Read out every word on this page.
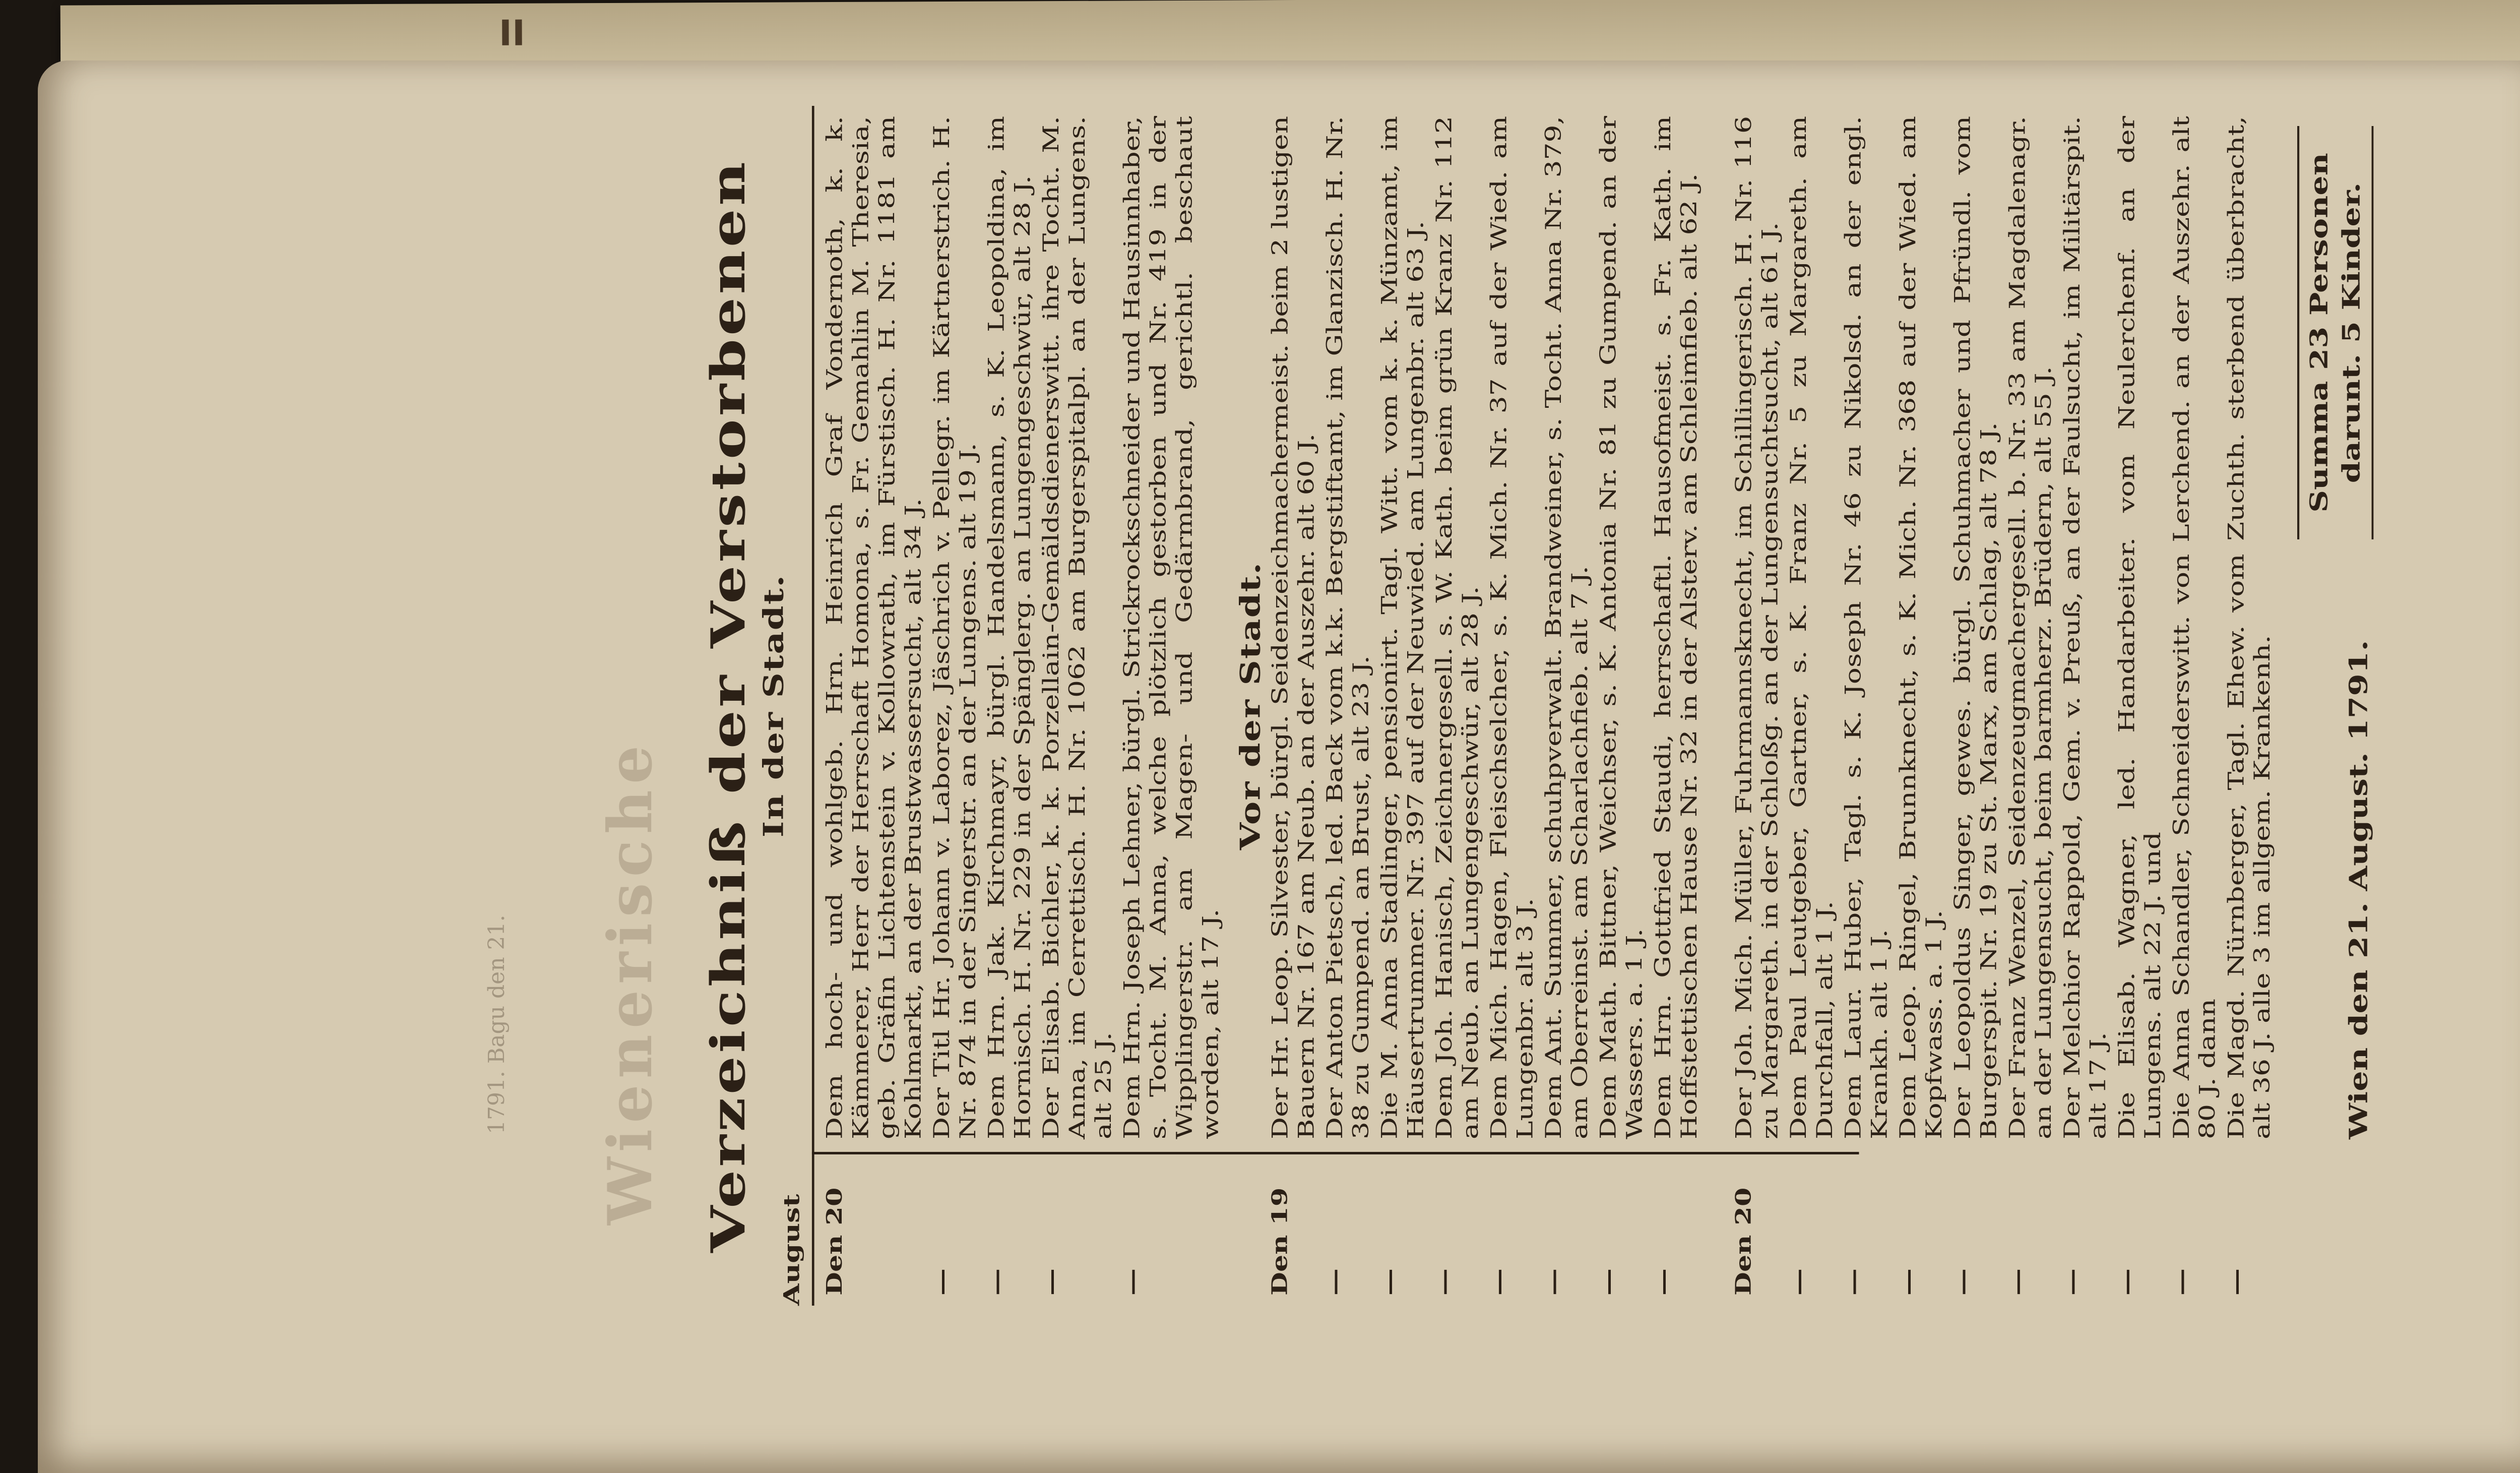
II
Wienerische
1791. Bagu den 21.	Verzeichniß der Verstorbenen August
In der Stadt.
Den 20
Dem hoch- und wohlgeb. Hrn. Heinrich Graf Vondernoth, k. k. Kämmerer, Herr der Herrschaft Homona, s. Fr. Gemahlin M. Theresia, geb. Gräfin Lichtenstein v. Kollowrath, im Fürstisch. H. Nr. 1181 am Kohlmarkt, an der Brustwassersucht, alt 34 J.
—
Der Titl Hr. Johann v. Laborez, Jäschrich v. Pellegr. im Kärtnerstrich. H. Nr. 874 in der Singerstr. an der Lungens. alt 19 J.
—
Dem Hrn. Jak. Kirchmayr, bürgl. Handelsmann, s. K. Leopoldina, im Hornisch. H. Nr. 229 in der Spänglerg. an Lungengeschwür, alt 28 J.
—
Der Elisab. Bichler, k. k. Porzellain-Gemäldsdienerswitt. ihre Tocht. M. Anna, im Cerrettisch. H. Nr. 1062 am Burgerspitalpl. an der Lungens. alt 25 J.
—
Dem Hrn. Joseph Lehner, bürgl. Strickrockschneider und Hausinnhaber, s. Tocht. M. Anna, welche plötzlich gestorben und Nr. 419 in der Wipplingerstr. am Magen- und Gedärmbrand, gerichtl. beschaut worden, alt 17 J.
Vor der Stadt.
Den 19
Der Hr. Leop. Silvester, bürgl. Seidenzeichmachermeist. beim 2 lustigen Bauern Nr. 167 am Neub. an der Auszehr. alt 60 J.
—
Der Anton Pietsch, led. Back vom k.k. Bergstiftamt, im Glanzisch. H. Nr. 38 zu Gumpend. an Brust, alt 23 J.
—
Die M. Anna Stadlinger, pensionirt. Tagl. Witt. vom k. k. Münzamt, im Häusertrummer. Nr. 397 auf der Neuwied. am Lungenbr. alt 63 J.
—
Dem Joh. Hanisch, Zeichnergesell. s. W. Kath. beim grün Kranz Nr. 112 am Neub. an Lungengeschwür, alt 28 J.
—
Dem Mich. Hagen, Fleischselcher, s. K. Mich. Nr. 37 auf der Wied. am Lungenbr. alt 3 J.
—
Dem Ant. Summer, schuhpverwalt. Brandweiner, s. Tocht. Anna Nr. 379, am Oberreinst. am Scharlachfieb. alt 7 J.
—
Dem Math. Bittner, Weichser, s. K. Antonia Nr. 81 zu Gumpend. an der Wassers. a. 1 J.
—
Dem Hrn. Gottfried Staudi, herrschaftl. Hausofmeist. s. Fr. Kath. im Hoffstettischen Hause Nr. 32 in der Alsterv. am Schleimfieb. alt 62 J.
Den 20
Der Joh. Mich. Müller, Fuhrmannsknecht, im Schillingerisch. H. Nr. 116 zu Margareth. in der Schloßg. an der Lungensuchtsucht, alt 61 J.
—
Dem Paul Leutgeber, Gartner, s. K. Franz Nr. 5 zu Margareth. am Durchfall, alt 1 J.
—
Dem Laur. Huber, Tagl. s. K. Joseph Nr. 46 zu Nikolsd. an der engl. Krankh. alt 1 J.
—
Dem Leop. Ringel, Brunnknecht, s. K. Mich. Nr. 368 auf der Wied. am Kopfwass. a. 1 J.
—
Der Leopoldus Singer, gewes. bürgl. Schuhmacher und Pfründl. vom Burgerspit. Nr. 19 zu St. Marx, am Schlag, alt 78 J.
—
Der Franz Wenzel, Seidenzeugmachergesell. b. Nr. 33 am Magdalenagr. an der Lungensucht, beim barmherz. Brüdern, alt 55 J.
—
Der Melchior Rappold, Gem. v. Preuß, an der Faulsucht, im Militärspit. alt 17 J.
—
Die Elisab. Wagner, led. Handarbeiter. vom Neulerchenf. an der Lungens. alt 22 J. und
—
Die Anna Schandler, Schneiderswitt. von Lerchend. an der Auszehr. alt 80 J. dann
—
Die Magd. Nürnberger, Tagl. Ehew. vom Zuchth. sterbend überbracht, alt 36 J. alle 3 im allgem. Krankenh. Wien den 21. August. 1791.
Summa 23 Personen darunt. 5 Kinder.
